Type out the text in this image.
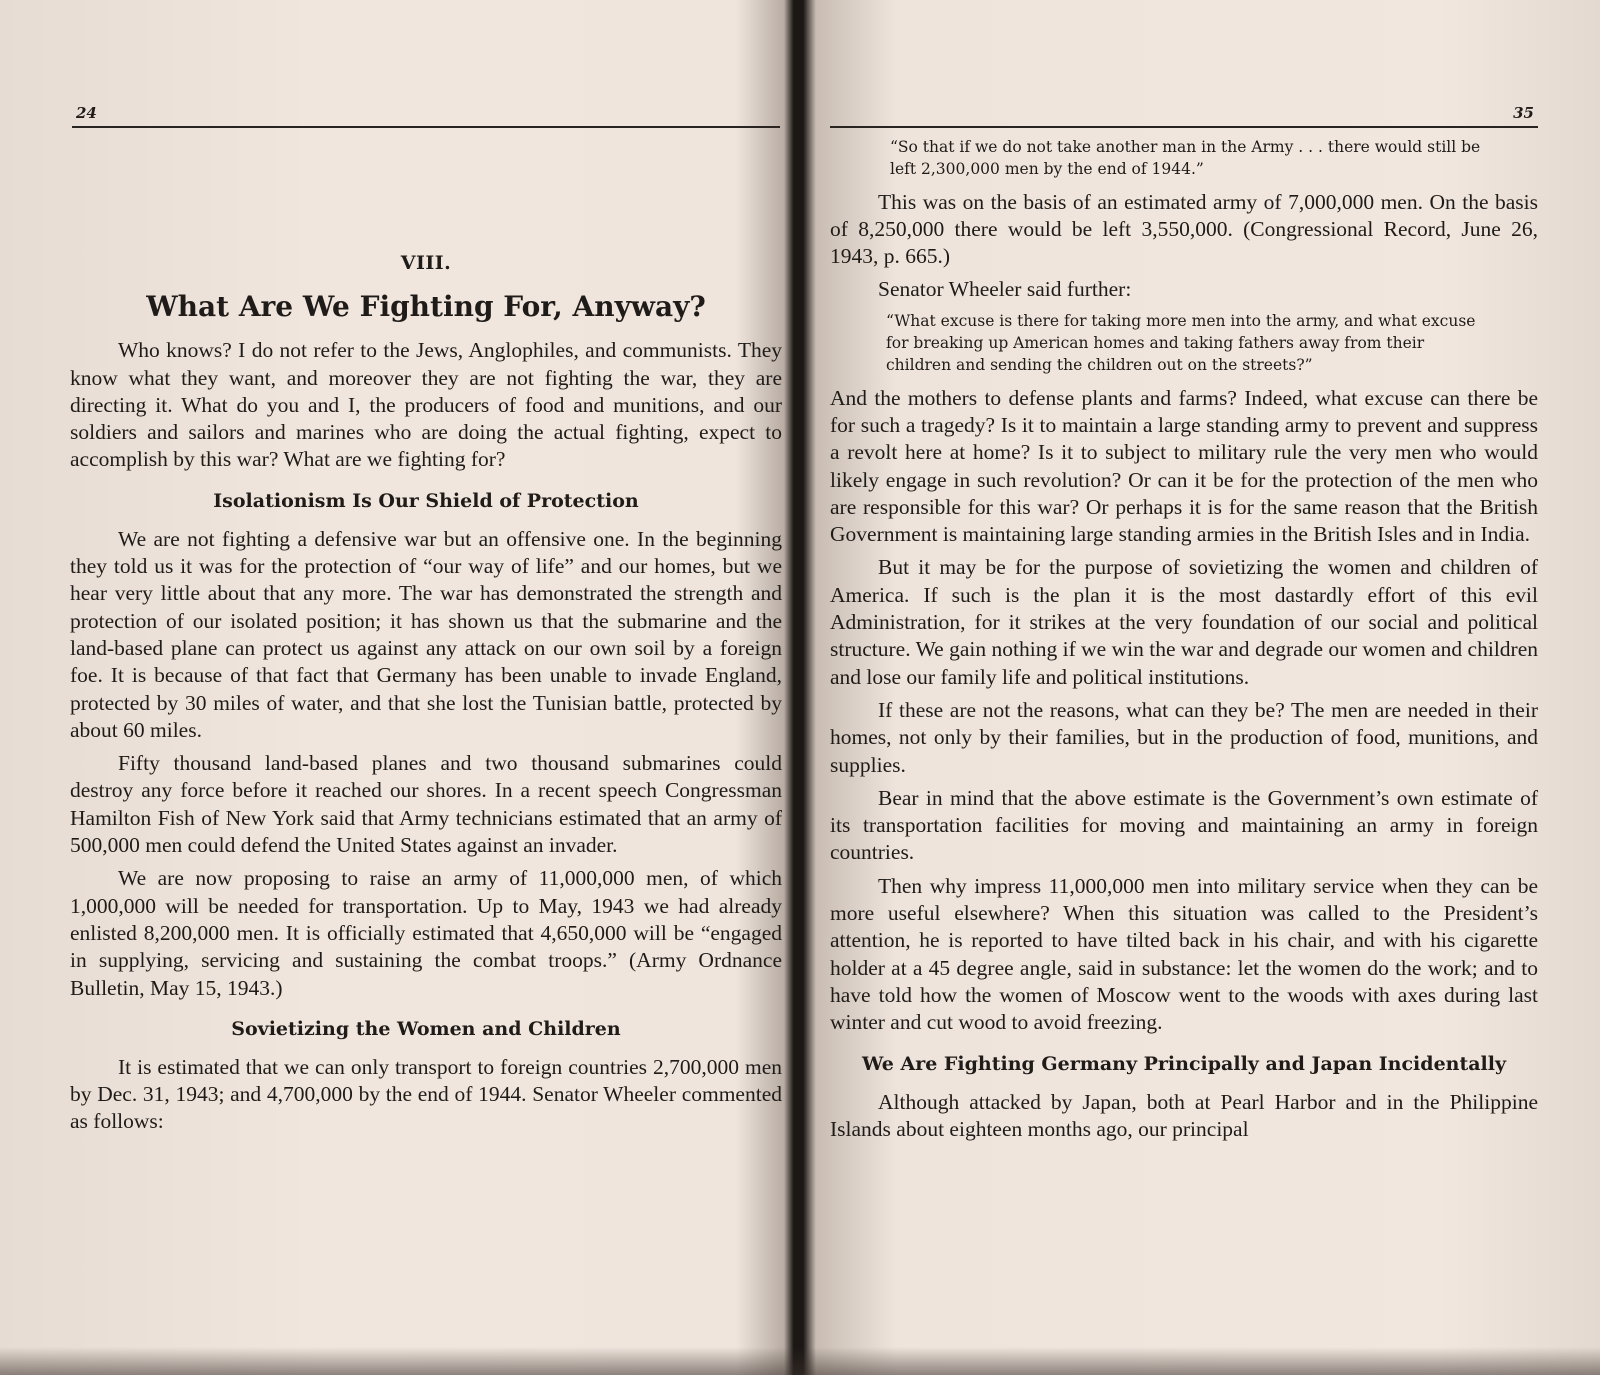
24
VIII.
What Are We Fighting For, Anyway?

Who knows? I do not refer to the Jews, Anglophiles, and communists. They know what they want, and moreover they are not fighting the war, they are directing it. What do you and I, the producers of food and munitions, and our soldiers and sailors and marines who are doing the actual fighting, expect to accomplish by this war? What are we fighting for?

Isolationism Is Our Shield of Protection

We are not fighting a defensive war but an offensive one. In the beginning they told us it was for the protection of “our way of life” and our homes, but we hear very little about that any more. The war has demonstrated the strength and protection of our isolated position; it has shown us that the submarine and the land-based plane can protect us against any attack on our own soil by a foreign foe. It is because of that fact that Germany has been unable to invade England, protected by 30 miles of water, and that she lost the Tunisian battle, protected by about 60 miles.

Fifty thousand land-based planes and two thousand submarines could destroy any force before it reached our shores. In a recent speech Congressman Hamilton Fish of New York said that Army technicians estimated that an army of 500,000 men could defend the United States against an invader.

We are now proposing to raise an army of 11,000,000 men, of which 1,000,000 will be needed for transportation. Up to May, 1943 we had already enlisted 8,200,000 men. It is officially estimated that 4,650,000 will be “engaged in supplying, servicing and sustaining the combat troops.” (Army Ordnance Bulletin, May 15, 1943.)

Sovietizing the Women and Children

It is estimated that we can only transport to foreign countries 2,700,000 men by Dec. 31, 1943; and 4,700,000 by the end of 1944. Senator Wheeler commented as follows:

35
“So that if we do not take another man in the Army . . . there would still be left 2,300,000 men by the end of 1944.”

This was on the basis of an estimated army of 7,000,000 men. On the basis of 8,250,000 there would be left 3,550,000. (Congressional Record, June 26, 1943, p. 665.)

Senator Wheeler said further:

“What excuse is there for taking more men into the army, and what excuse for breaking up American homes and taking fathers away from their children and sending the children out on the streets?”

And the mothers to defense plants and farms? Indeed, what excuse can there be for such a tragedy? Is it to maintain a large standing army to prevent and suppress a revolt here at home? Is it to subject to military rule the very men who would likely engage in such revolution? Or can it be for the protection of the men who are responsible for this war? Or perhaps it is for the same reason that the British Government is maintaining large standing armies in the British Isles and in India.

But it may be for the purpose of sovietizing the women and children of America. If such is the plan it is the most dastardly effort of this evil Administration, for it strikes at the very foundation of our social and political structure. We gain nothing if we win the war and degrade our women and children and lose our family life and political institutions.

If these are not the reasons, what can they be? The men are needed in their homes, not only by their families, but in the production of food, munitions, and supplies.

Bear in mind that the above estimate is the Government’s own estimate of its transportation facilities for moving and maintaining an army in foreign countries.

Then why impress 11,000,000 men into military service when they can be more useful elsewhere? When this situation was called to the President’s attention, he is reported to have tilted back in his chair, and with his cigarette holder at a 45 degree angle, said in substance: let the women do the work; and to have told how the women of Moscow went to the woods with axes during last winter and cut wood to avoid freezing.

We Are Fighting Germany Principally and Japan Incidentally

Although attacked by Japan, both at Pearl Harbor and in the Philippine Islands about eighteen months ago, our principal
